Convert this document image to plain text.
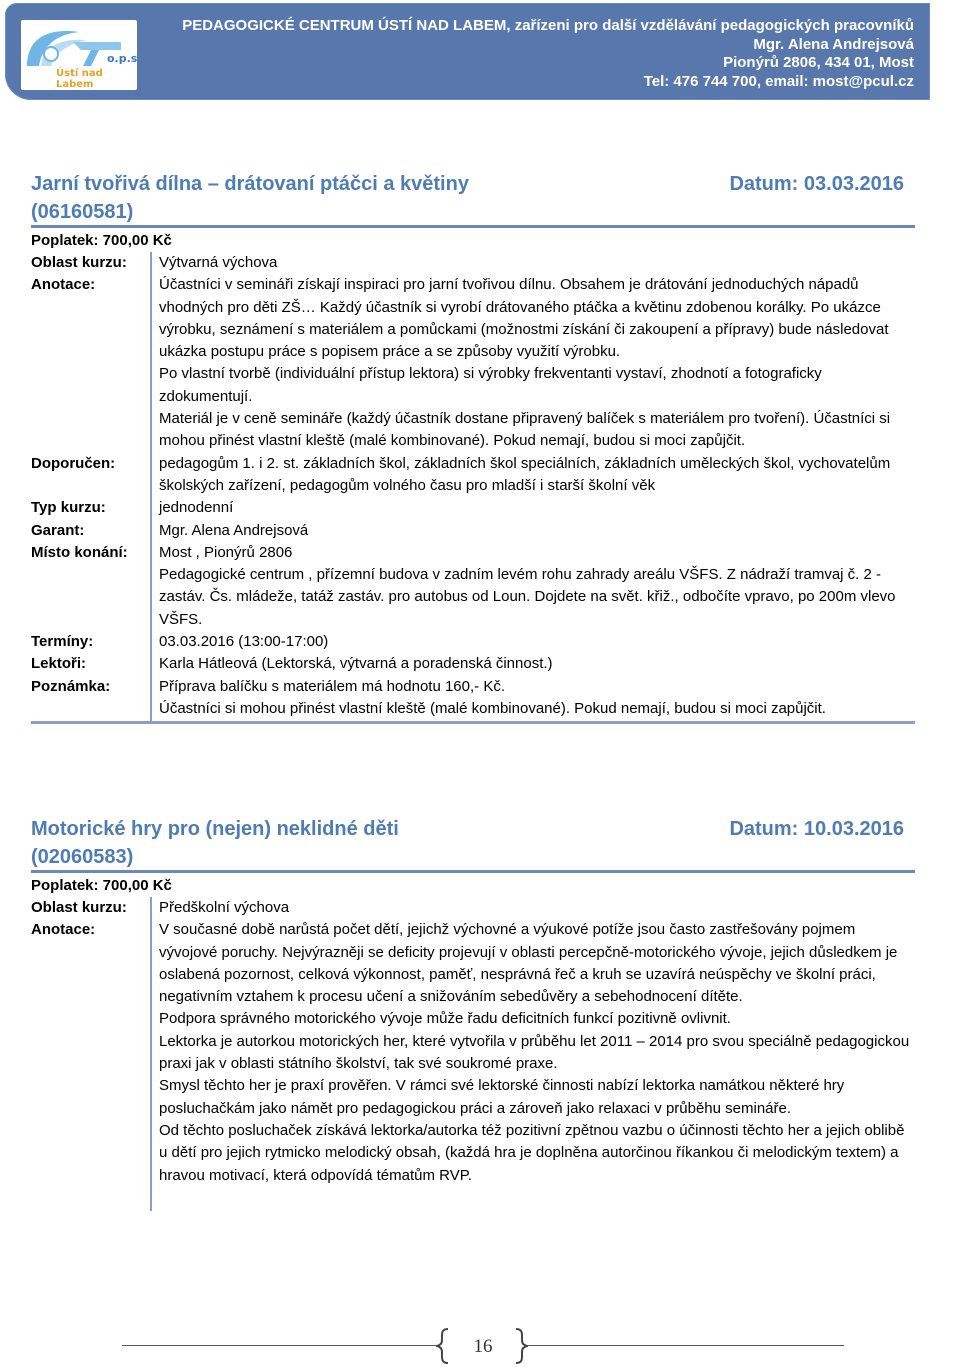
o.p.s.
Ústí nad Labem
PEDAGOGICKÉ CENTRUM ÚSTÍ NAD LABEM, zařízeni pro další vzdělávání pedagogických pracovníků
Mgr. Alena Andrejsová
Pionýrů 2806, 434 01, Most
Tel: 476 744 700, email: most@pcul.cz
Jarní tvořivá dílna – drátovaní ptáčci a květiny (06160581)
Datum: 03.03.2016
Poplatek: 700,00 Kč
Oblast kurzu:	Výtvarná výchova

Anotace:	Účastníci v semináři získají inspiraci pro jarní tvořivou dílnu. Obsahem je drátování jednoduchých nápadů vhodných pro děti ZŠ… Každý účastník si vyrobí drátovaného ptáčka a květinu zdobenou korálky. Po ukázce výrobku, seznámení s materiálem a pomůckami (možnostmi získání či zakoupení a přípravy) bude následovat ukázka postupu práce s popisem práce a se způsoby využití výrobku.

Po vlastní tvorbě (individuální přístup lektora) si výrobky frekventanti vystaví, zhodnotí a fotograficky zdokumentují.

Materiál je v ceně semináře (každý účastník dostane připravený balíček s materiálem pro tvoření). Účastníci si mohou přinést vlastní kleště (malé kombinované). Pokud nemají, budou si moci zapůjčit.

Doporučen:	pedagogům 1. i 2. st. základních škol, základních škol speciálních, základních uměleckých škol, vychovatelům školských zařízení, pedagogům volného času pro mladší i starší školní věk

Typ kurzu:	jednodenní

Garant:	Mgr. Alena Andrejsová

Místo konání:	Most , Pionýrů 2806

Pedagogické centrum , přízemní budova v zadním levém rohu zahrady areálu VŠFS. Z nádraží tramvaj č. 2 - zastáv. Čs. mládeže, tatáž zastáv. pro autobus od Loun. Dojdete na svět. křiž., odbočíte vpravo, po 200m vlevo VŠFS.

Termíny:	03.03.2016 (13:00-17:00)

Lektoři:	Karla Hátleová (Lektorská, výtvarná a poradenská činnost.)

Poznámka:	Příprava balíčku s materiálem má hodnotu 160,- Kč.

Účastníci si mohou přinést vlastní kleště (malé kombinované). Pokud nemají, budou si moci zapůjčit.

Motorické hry pro (nejen) neklidné děti (02060583)
Datum: 10.03.2016
Poplatek: 700,00 Kč
Oblast kurzu:	Předškolní výchova

Anotace:	V současné době narůstá počet dětí, jejichž výchovné a výukové potíže jsou často zastřešovány pojmem vývojové poruchy. Nejvýrazněji se deficity projevují v oblasti percepčně-motorického vývoje, jejich důsledkem je oslabená pozornost, celková výkonnost, paměť, nesprávná řeč a kruh se uzavírá neúspěchy ve školní práci, negativním vztahem k procesu učení a snižováním sebedůvěry a sebehodnocení dítěte.

Podpora správného motorického vývoje může řadu deficitních funkcí pozitivně ovlivnit.

Lektorka je autorkou motorických her, které vytvořila v průběhu let 2011 – 2014 pro svou speciálně pedagogickou praxi jak v oblasti státního školství, tak své soukromé praxe.

Smysl těchto her je praxí prověřen. V rámci své lektorské činnosti nabízí lektorka namátkou některé hry posluchačkám jako námět pro pedagogickou práci a zároveň jako relaxaci v průběhu semináře.

Od těchto posluchaček získává lektorka/autorka též pozitivní zpětnou vazbu o účinnosti těchto her a jejich oblibě u dětí pro jejich rytmicko melodický obsah, (každá hra je doplněna autorčinou říkankou či melodickým textem) a hravou motivací, která odpovídá tématům RVP.

16
